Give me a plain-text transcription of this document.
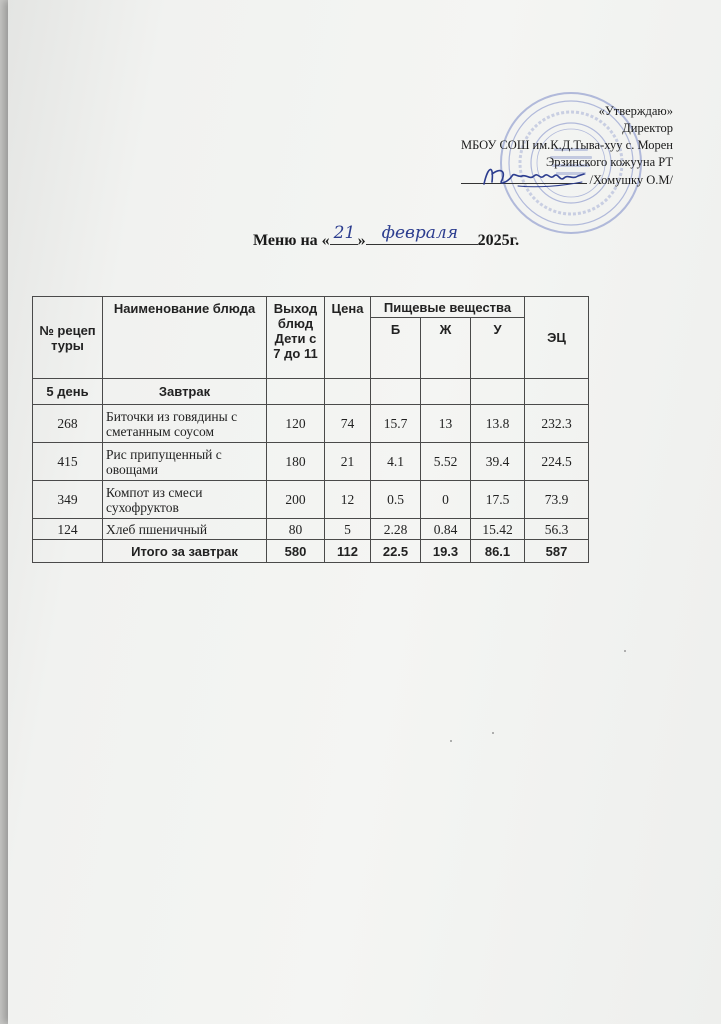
«Утверждаю»
Директор
МБОУ СОШ им.К.Д.Тыва-хуу с. Морен
Эрзинского кожууна РТ
/Хомушку О.М/
Меню на « 21 » февраля 2025г.
№ рецеп туры	Наименование блюда	Выход блюд Дети с 7 до 11	Цена	Пищевые вещества			ЭЦ
				Б	Ж	У	
5 день	Завтрак						
268	Биточки из говядины с сметанным соусом	120	74	15.7	13	13.8	232.3
415	Рис припущенный с овощами	180	21	4.1	5.52	39.4	224.5
349	Компот из смеси сухофруктов	200	12	0.5	0	17.5	73.9
124	Хлеб пшеничный	80	5	2.28	0.84	15.42	56.3
	Итого за завтрак	580	112	22.5	19.3	86.1	587
